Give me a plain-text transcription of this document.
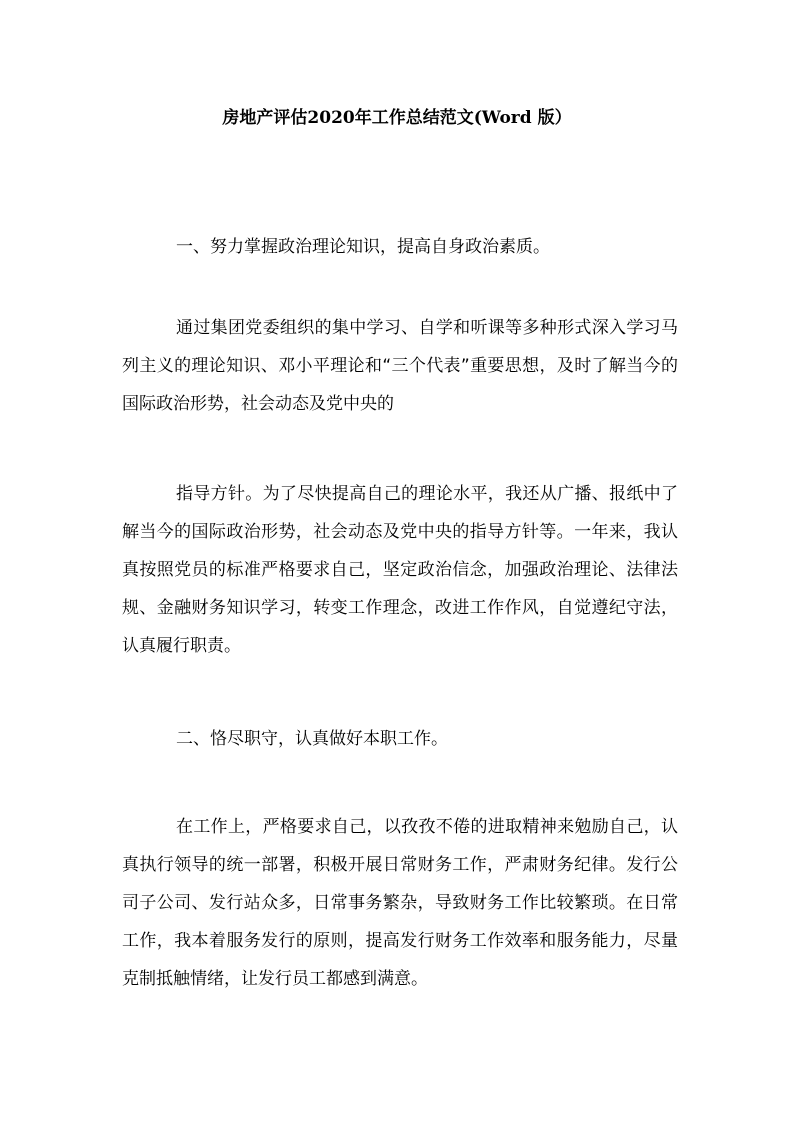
房地产评估2020年工作总结范文(Word 版）

一、努力掌握政治理论知识，提高自身政治素质。

通过集团党委组织的集中学习、自学和听课等多种形式深入学习马列主义的理论知识、邓小平理论和“三个代表”重要思想，及时了解当今的国际政治形势，社会动态及党中央的

指导方针。为了尽快提高自己的理论水平，我还从广播、报纸中了解当今的国际政治形势，社会动态及党中央的指导方针等。一年来，我认真按照党员的标准严格要求自己，坚定政治信念，加强政治理论、法律法规、金融财务知识学习，转变工作理念，改进工作作风，自觉遵纪守法，认真履行职责。

二、恪尽职守，认真做好本职工作。

在工作上，严格要求自己，以孜孜不倦的进取精神来勉励自己，认真执行领导的统一部署，积极开展日常财务工作，严肃财务纪律。发行公司子公司、发行站众多，日常事务繁杂，导致财务工作比较繁琐。在日常工作，我本着服务发行的原则，提高发行财务工作效率和服务能力，尽量克制抵触情绪，让发行员工都感到满意。
